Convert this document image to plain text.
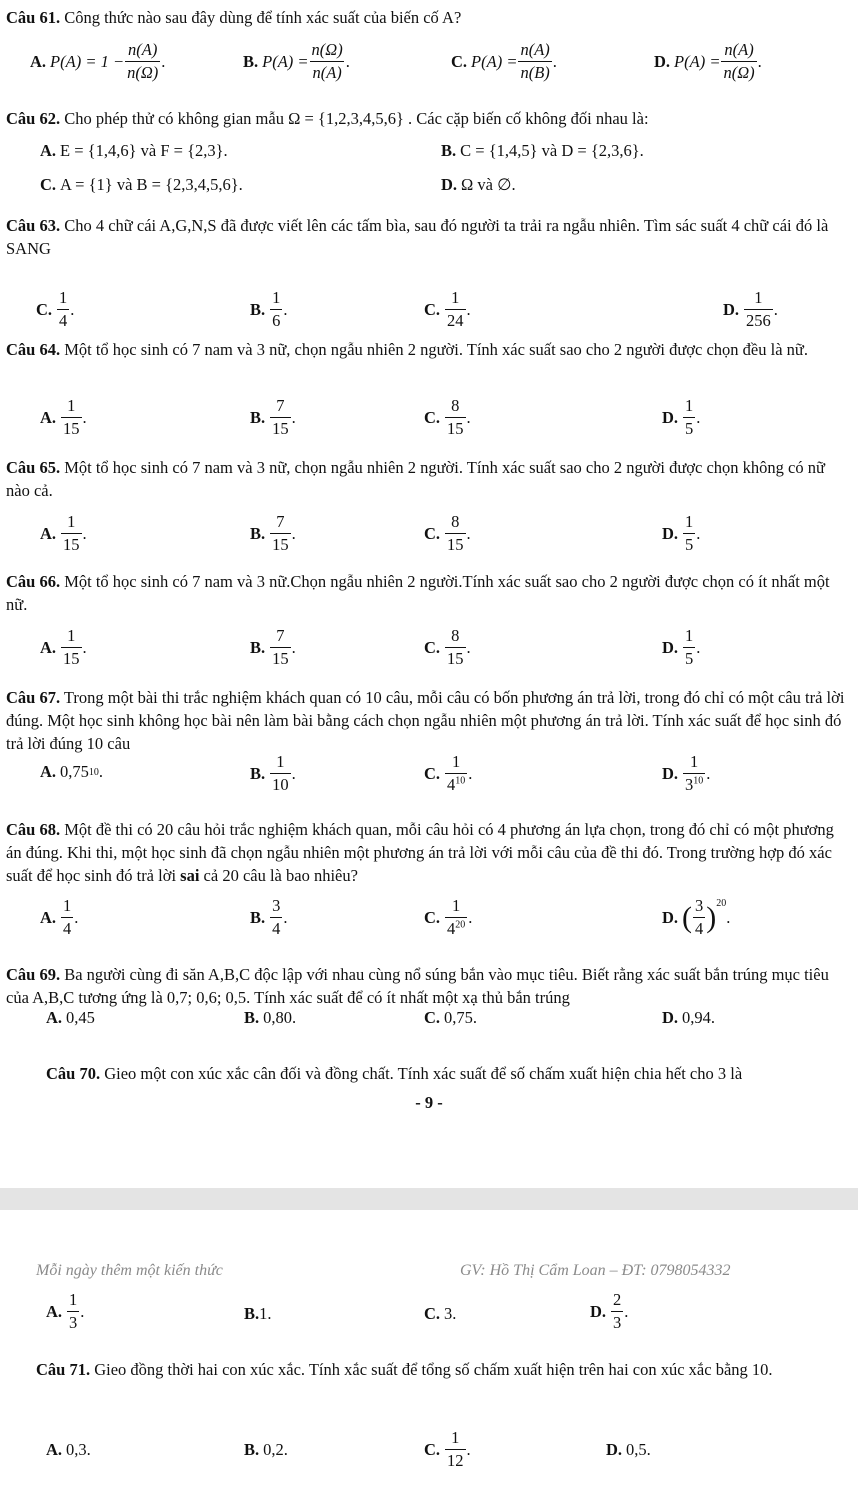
Câu 61. Công thức nào sau đây dùng để tính xác suất của biến cố A?
A. $P(A) = 1 - \frac{n(A)}{n(\Omega)}$ .	B. $P(A) = \frac{n(\Omega)}{n(A)}$ .	C. $P(A) = \frac{n(A)}{n(B)}$ .	D. $P(A) = \frac{n(A)}{n(\Omega)}$ .
Câu 62. Cho phép thử có không gian mẫu Ω = {1,2,3,4,5,6} . Các cặp biến cố không đối nhau là:
A. E = {1,4,6} và F = {2,3}.	B. C = {1,4,5} và D = {2,3,6}.
C. A = {1} và B = {2,3,4,5,6}.	D. Ω và ∅.
Câu 63. Cho 4 chữ cái A,G,N,S đã được viết lên các tấm bìa, sau đó người ta trải ra ngẫu nhiên. Tìm sác suất 4 chữ cái đó là SANG
C. $\frac{1}{4}$ .	B. $\frac{1}{6}$ .	C. $\frac{1}{24}$ .	D. $\frac{1}{256}$ .
Câu 64. Một tổ học sinh có 7 nam và 3 nữ, chọn ngẫu nhiên 2 người. Tính xác suất sao cho 2 người được chọn đều là nữ.
A. $\frac{1}{15}$ .	B. $\frac{7}{15}$ .	C. $\frac{8}{15}$ .	D. $\frac{1}{5}$ .
Câu 65. Một tổ học sinh có 7 nam và 3 nữ, chọn ngẫu nhiên 2 người. Tính xác suất sao cho 2 người được chọn không có nữ nào cả.
A. $\frac{1}{15}$ .	B. $\frac{7}{15}$ .	C. $\frac{8}{15}$ .	D. $\frac{1}{5}$ .
Câu 66. Một tổ học sinh có 7 nam và 3 nữ.Chọn ngẫu nhiên 2 người.Tính xác suất sao cho 2 người được chọn có ít nhất một nữ.
A. $\frac{1}{15}$ .	B. $\frac{7}{15}$ .	C. $\frac{8}{15}$ .	D. $\frac{1}{5}$ .
Câu 67. Trong một bài thi trắc nghiệm khách quan có 10 câu, mỗi câu có bốn phương án trả lời, trong đó chỉ có một câu trả lời đúng. Một học sinh không học bài nên làm bài bằng cách chọn ngẫu nhiên một phương án trả lời. Tính xác suất để học sinh đó trả lời đúng 10 câu
A. 0,75 10 .	B. $\frac{1}{10}$ .	C. $\frac{1}{4^{10}}$ .	D. $\frac{1}{3^{10}}$ .
Câu 68. Một đề thi có 20 câu hỏi trắc nghiệm khách quan, mỗi câu hỏi có 4 phương án lựa chọn, trong đó chỉ có một phương án đúng. Khi thi, một học sinh đã chọn ngẫu nhiên một phương án trả lời với mỗi câu của đề thi đó. Trong trường hợp đó xác suất để học sinh đó trả lời sai cả 20 câu là bao nhiêu?
A. $\frac{1}{4}$ .	B. $\frac{3}{4}$ .	C. $\frac{1}{4^{20}}$ .	D. ( $\frac{3}{4} )^{20}$
.
Câu 69. Ba người cùng đi săn A,B,C độc lập với nhau cùng nổ súng bắn vào mục tiêu. Biết rằng xác suất bắn trúng mục tiêu của A,B,C tương ứng là 0,7; 0,6; 0,5. Tính xác suất để có ít nhất một xạ thủ bắn trúng
A. 0,45	B. 0,80.	C. 0,75.	D. 0,94.
Câu 70. Gieo một con xúc xắc cân đối và đồng chất. Tính xác suất để số chấm xuất hiện chia hết cho 3 là
- 9 -
Mỗi ngày thêm một kiến thức	GV: Hồ Thị Cẩm Loan – ĐT: 0798054332
A. $\frac{1}{3}$ .	B. 1.	C. 3.	D. $\frac{2}{3}$ .
Câu 71. Gieo đồng thời hai con xúc xắc. Tính xắc suất để tổng số chấm xuất hiện trên hai con xúc xắc bằng 10.
A. 0,3.	B. 0,2.	C. $\frac{1}{12}$ .	D. 0,5.
